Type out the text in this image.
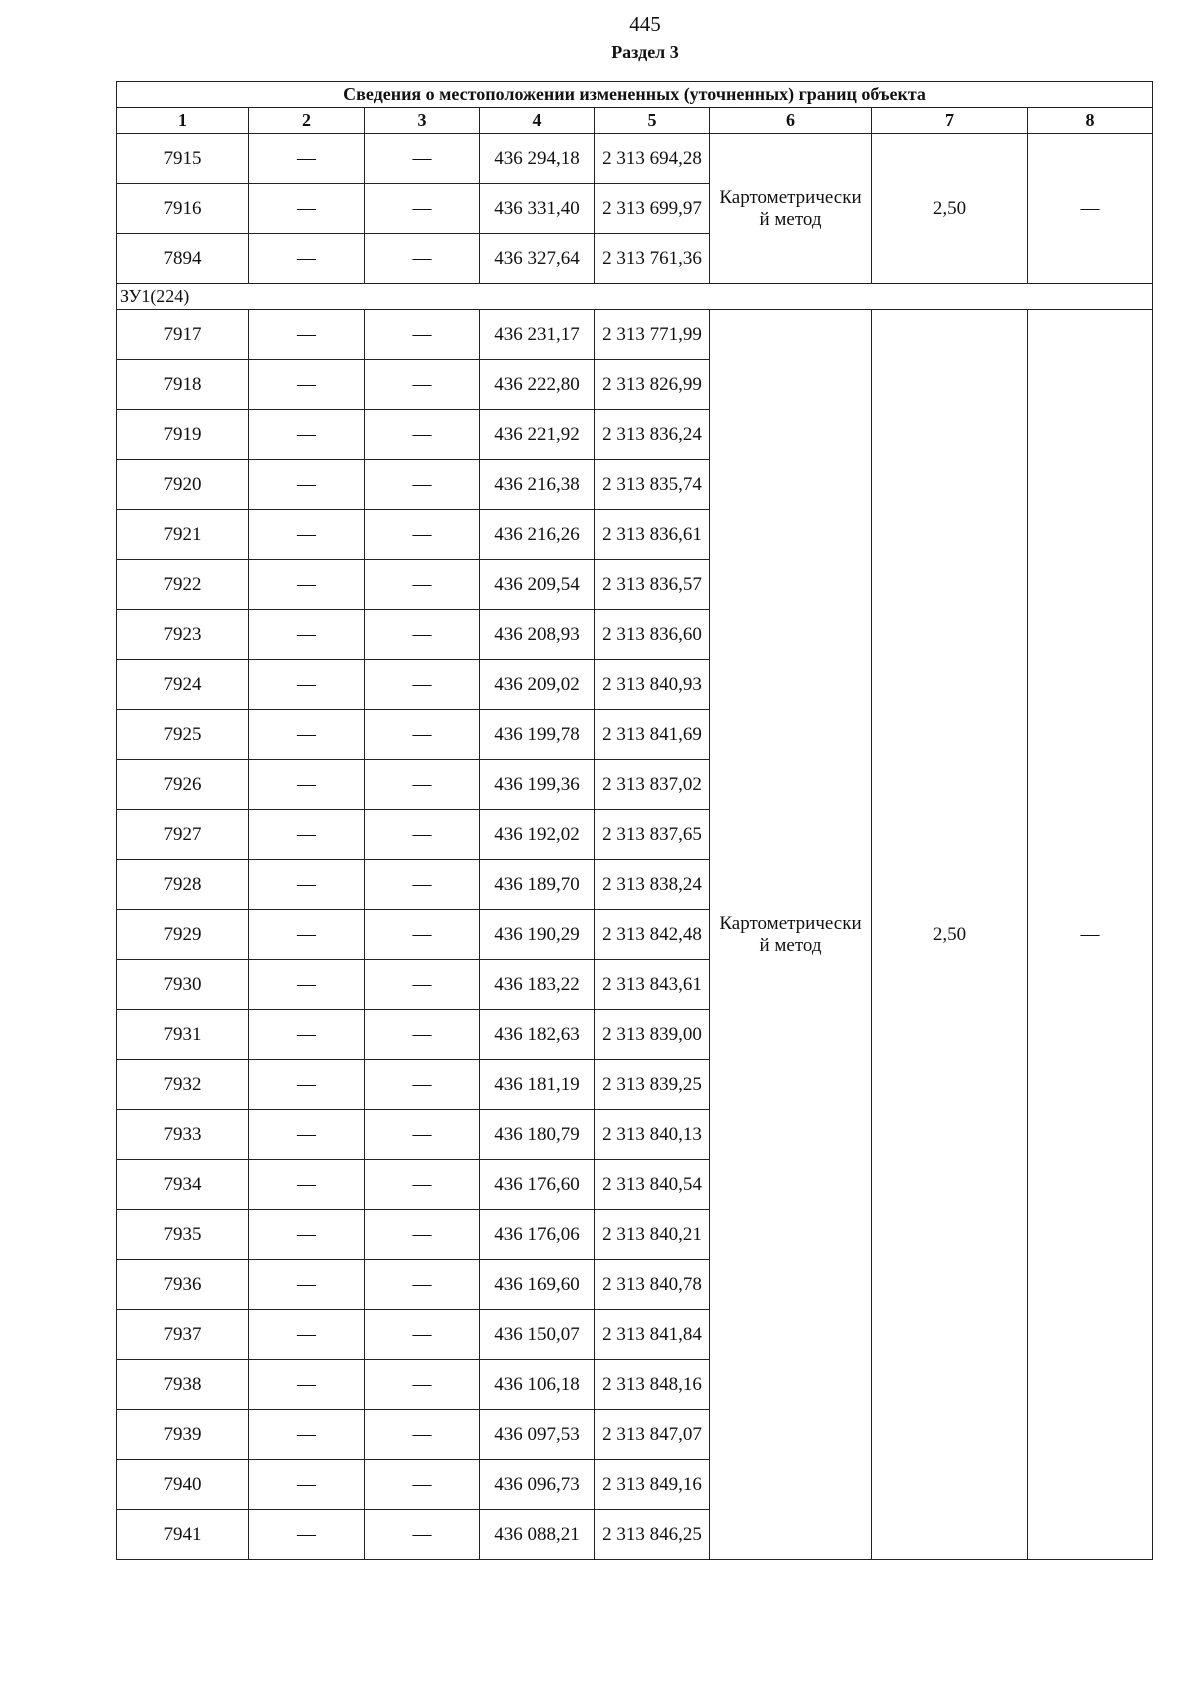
445
Раздел 3
Сведения о местоположении измененных (уточненных) границ объекта							
1	2	3	4	5	6	7	8
7915	—	—	436 294,18	2 313 694,28	Картометрически й метод	2,50	—
7916	—	—	436 331,40	2 313 699,97			
7894	—	—	436 327,64	2 313 761,36			
ЗУ1(224)							
7917	—	—	436 231,17	2 313 771,99	Картометрически й метод	2,50	—
7918	—	—	436 222,80	2 313 826,99			
7919	—	—	436 221,92	2 313 836,24			
7920	—	—	436 216,38	2 313 835,74			
7921	—	—	436 216,26	2 313 836,61			
7922	—	—	436 209,54	2 313 836,57			
7923	—	—	436 208,93	2 313 836,60			
7924	—	—	436 209,02	2 313 840,93			
7925	—	—	436 199,78	2 313 841,69			
7926	—	—	436 199,36	2 313 837,02			
7927	—	—	436 192,02	2 313 837,65			
7928	—	—	436 189,70	2 313 838,24			
7929	—	—	436 190,29	2 313 842,48			
7930	—	—	436 183,22	2 313 843,61			
7931	—	—	436 182,63	2 313 839,00			
7932	—	—	436 181,19	2 313 839,25			
7933	—	—	436 180,79	2 313 840,13			
7934	—	—	436 176,60	2 313 840,54			
7935	—	—	436 176,06	2 313 840,21			
7936	—	—	436 169,60	2 313 840,78			
7937	—	—	436 150,07	2 313 841,84			
7938	—	—	436 106,18	2 313 848,16			
7939	—	—	436 097,53	2 313 847,07			
7940	—	—	436 096,73	2 313 849,16			
7941	—	—	436 088,21	2 313 846,25			
